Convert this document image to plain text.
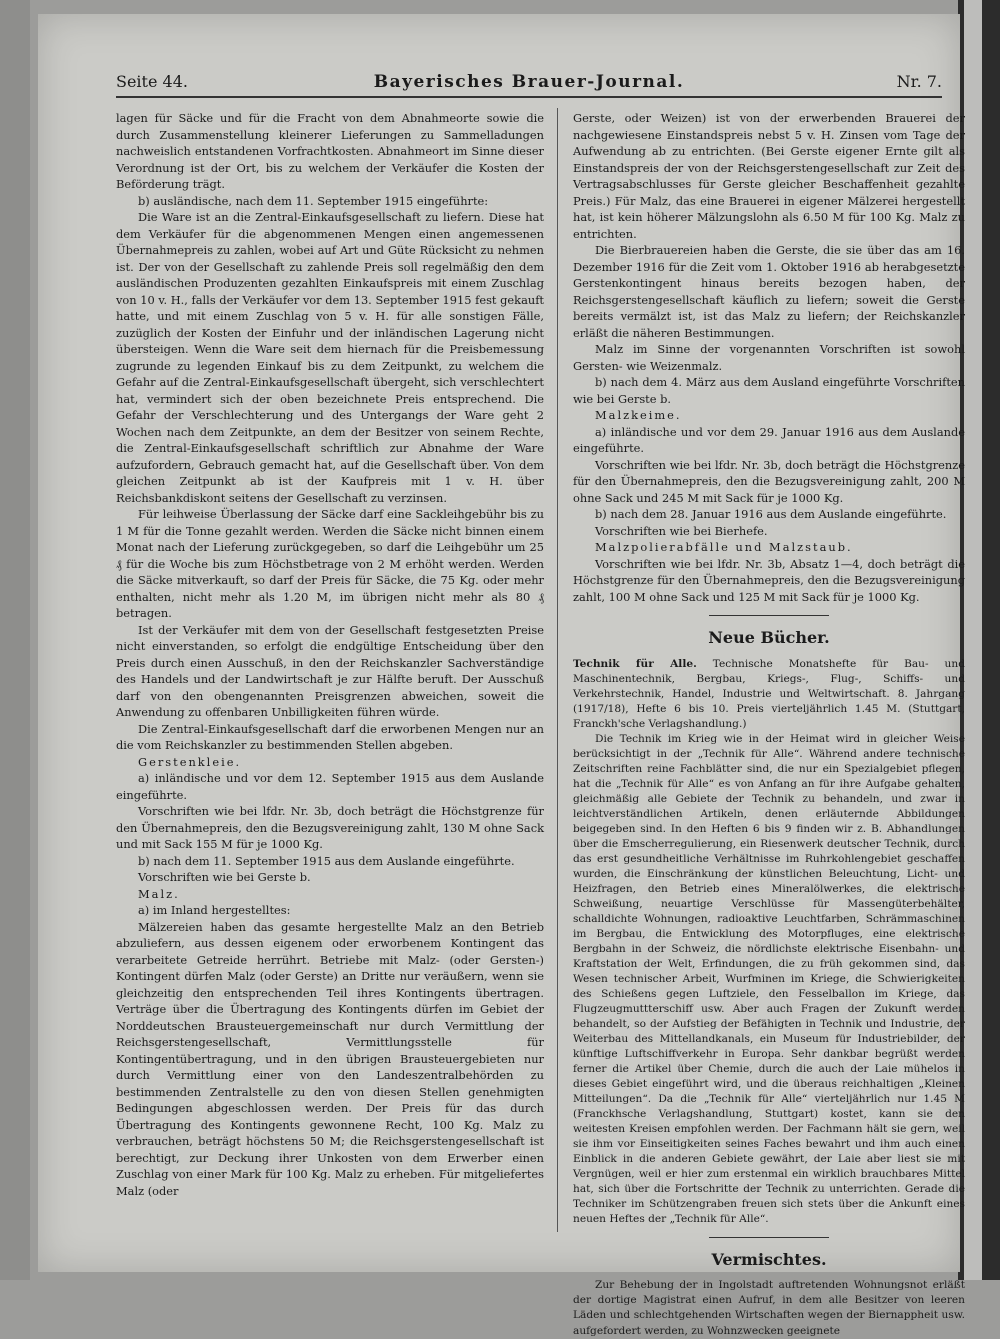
Seite 44.	Bayerisches Brauer-Journal.	Nr. 7.

lagen für Säcke und für die Fracht von dem Abnahmeorte sowie die durch Zusammenstellung kleinerer Lieferungen zu Sammelladungen nachweislich entstandenen Vorfrachtkosten. Abnahmeort im Sinne dieser Verordnung ist der Ort, bis zu welchem der Verkäufer die Kosten der Beförderung trägt.

b) ausländische, nach dem 11. September 1915 eingeführte:

Die Ware ist an die Zentral-Einkaufsgesellschaft zu liefern. Diese hat dem Verkäufer für die abgenommenen Mengen einen angemessenen Übernahmepreis zu zahlen, wobei auf Art und Güte Rücksicht zu nehmen ist. Der von der Gesellschaft zu zahlende Preis soll regelmäßig den dem ausländischen Produzenten gezahlten Einkaufspreis mit einem Zuschlag von 10 v. H., falls der Verkäufer vor dem 13. September 1915 fest gekauft hatte, und mit einem Zuschlag von 5 v. H. für alle sonstigen Fälle, zuzüglich der Kosten der Einfuhr und der inländischen Lagerung nicht übersteigen. Wenn die Ware seit dem hiernach für die Preisbemessung zugrunde zu legenden Einkauf bis zu dem Zeitpunkt, zu welchem die Gefahr auf die Zentral-Einkaufsgesellschaft übergeht, sich verschlechtert hat, vermindert sich der oben bezeichnete Preis entsprechend. Die Gefahr der Verschlechterung und des Untergangs der Ware geht 2 Wochen nach dem Zeitpunkte, an dem der Besitzer von seinem Rechte, die Zentral-Einkaufsgesellschaft schriftlich zur Abnahme der Ware aufzufordern, Gebrauch gemacht hat, auf die Gesellschaft über. Von dem gleichen Zeitpunkt ab ist der Kaufpreis mit 1 v. H. über Reichsbankdiskont seitens der Gesellschaft zu verzinsen.

Für leihweise Überlassung der Säcke darf eine Sackleihgebühr bis zu 1 M für die Tonne gezahlt werden. Werden die Säcke nicht binnen einem Monat nach der Lieferung zurückgegeben, so darf die Leihgebühr um 25 ₰ für die Woche bis zum Höchstbetrage von 2 M erhöht werden. Werden die Säcke mitverkauft, so darf der Preis für Säcke, die 75 Kg. oder mehr enthalten, nicht mehr als 1.20 M, im übrigen nicht mehr als 80 ₰ betragen.

Ist der Verkäufer mit dem von der Gesellschaft festgesetzten Preise nicht einverstanden, so erfolgt die endgültige Entscheidung über den Preis durch einen Ausschuß, in den der Reichskanzler Sachverständige des Handels und der Landwirtschaft je zur Hälfte beruft. Der Ausschuß darf von den obengenannten Preisgrenzen abweichen, soweit die Anwendung zu offenbaren Unbilligkeiten führen würde.

Die Zentral-Einkaufsgesellschaft darf die erworbenen Mengen nur an die vom Reichskanzler zu bestimmenden Stellen abgeben.

Gerstenkleie.

a) inländische und vor dem 12. September 1915 aus dem Auslande eingeführte.

Vorschriften wie bei lfdr. Nr. 3b, doch beträgt die Höchstgrenze für den Übernahmepreis, den die Bezugsvereinigung zahlt, 130 M ohne Sack und mit Sack 155 M für je 1000 Kg.

b) nach dem 11. September 1915 aus dem Auslande eingeführte.

Vorschriften wie bei Gerste b.

Malz.

a) im Inland hergestelltes:

Mälzereien haben das gesamte hergestellte Malz an den Betrieb abzuliefern, aus dessen eigenem oder erworbenem Kontingent das verarbeitete Getreide herrührt. Betriebe mit Malz- (oder Gersten-) Kontingent dürfen Malz (oder Gerste) an Dritte nur veräußern, wenn sie gleichzeitig den entsprechenden Teil ihres Kontingents übertragen. Verträge über die Übertragung des Kontingents dürfen im Gebiet der Norddeutschen Brausteuergemeinschaft nur durch Vermittlung der Reichsgerstengesellschaft, Vermittlungsstelle für Kontingentübertragung, und in den übrigen Brausteuergebieten nur durch Vermittlung einer von den Landeszentralbehörden zu bestimmenden Zentralstelle zu den von diesen Stellen genehmigten Bedingungen abgeschlossen werden. Der Preis für das durch Übertragung des Kontingents gewonnene Recht, 100 Kg. Malz zu verbrauchen, beträgt höchstens 50 M; die Reichsgerstengesellschaft ist berechtigt, zur Deckung ihrer Unkosten von dem Erwerber einen Zuschlag von einer Mark für 100 Kg. Malz zu erheben. Für mitgeliefertes Malz (oder

Gerste, oder Weizen) ist von der erwerbenden Brauerei der nachgewiesene Einstandspreis nebst 5 v. H. Zinsen vom Tage der Aufwendung ab zu entrichten. (Bei Gerste eigener Ernte gilt als Einstandspreis der von der Reichsgerstengesellschaft zur Zeit des Vertragsabschlusses für Gerste gleicher Beschaffenheit gezahlte Preis.) Für Malz, das eine Brauerei in eigener Mälzerei hergestellt hat, ist kein höherer Mälzungslohn als 6.50 M für 100 Kg. Malz zu entrichten.

Die Bierbrauereien haben die Gerste, die sie über das am 16. Dezember 1916 für die Zeit vom 1. Oktober 1916 ab herabgesetzte Gerstenkontingent hinaus bereits bezogen haben, der Reichsgerstengesellschaft käuflich zu liefern; soweit die Gerste bereits vermälzt ist, ist das Malz zu liefern; der Reichskanzler erläßt die näheren Bestimmungen.

Malz im Sinne der vorgenannten Vorschriften ist sowohl Gersten- wie Weizenmalz.

b) nach dem 4. März aus dem Ausland eingeführte Vorschriften wie bei Gerste b.

Malzkeime.

a) inländische und vor dem 29. Januar 1916 aus dem Auslande eingeführte.

Vorschriften wie bei lfdr. Nr. 3b, doch beträgt die Höchstgrenze für den Übernahmepreis, den die Bezugsvereinigung zahlt, 200 M ohne Sack und 245 M mit Sack für je 1000 Kg.

b) nach dem 28. Januar 1916 aus dem Auslande eingeführte.

Vorschriften wie bei Bierhefe.

Malzpolierabfälle und Malzstaub.

Vorschriften wie bei lfdr. Nr. 3b, Absatz 1—4, doch beträgt die Höchstgrenze für den Übernahmepreis, den die Bezugsvereinigung zahlt, 100 M ohne Sack und 125 M mit Sack für je 1000 Kg.

Neue Bücher.

Technik für Alle. Technische Monatshefte für Bau- und Maschinentechnik, Bergbau, Kriegs-, Flug-, Schiffs- und Verkehrstechnik, Handel, Industrie und Weltwirtschaft. 8. Jahrgang (1917/18), Hefte 6 bis 10. Preis vierteljährlich 1.45 M. (Stuttgart, Franckh'sche Verlagshandlung.)

Die Technik im Krieg wie in der Heimat wird in gleicher Weise berücksichtigt in der „Technik für Alle“. Während andere technische Zeitschriften reine Fachblätter sind, die nur ein Spezialgebiet pflegen, hat die „Technik für Alle“ es von Anfang an für ihre Aufgabe gehalten, gleichmäßig alle Gebiete der Technik zu behandeln, und zwar in leichtverständlichen Artikeln, denen erläuternde Abbildungen beigegeben sind. In den Heften 6 bis 9 finden wir z. B. Abhandlungen über die Emscherregulierung, ein Riesenwerk deutscher Technik, durch das erst gesundheitliche Verhältnisse im Ruhrkohlengebiet geschaffen wurden, die Einschränkung der künstlichen Beleuchtung, Licht- und Heizfragen, den Betrieb eines Mineralölwerkes, die elektrische Schweißung, neuartige Verschlüsse für Massengüterbehälter, schalldichte Wohnungen, radioaktive Leuchtfarben, Schrämmaschinen im Bergbau, die Entwicklung des Motorpfluges, eine elektrische Bergbahn in der Schweiz, die nördlichste elektrische Eisenbahn- und Kraftstation der Welt, Erfindungen, die zu früh gekommen sind, das Wesen technischer Arbeit, Wurfminen im Kriege, die Schwierigkeiten des Schießens gegen Luftziele, den Fesselballon im Kriege, das Flugzeugmuttterschiff usw. Aber auch Fragen der Zukunft werden behandelt, so der Aufstieg der Befähigten in Technik und Industrie, der Weiterbau des Mittellandkanals, ein Museum für Industriebilder, der künftige Luftschiffverkehr in Europa. Sehr dankbar begrüßt werden ferner die Artikel über Chemie, durch die auch der Laie mühelos in dieses Gebiet eingeführt wird, und die überaus reichhaltigen „Kleinen Mitteilungen“. Da die „Technik für Alle“ vierteljährlich nur 1.45 M (Franckhsche Verlagshandlung, Stuttgart) kostet, kann sie den weitesten Kreisen empfohlen werden. Der Fachmann hält sie gern, weil sie ihm vor Einseitigkeiten seines Faches bewahrt und ihm auch einen Einblick in die anderen Gebiete gewährt, der Laie aber liest sie mit Vergnügen, weil er hier zum erstenmal ein wirklich brauchbares Mittel hat, sich über die Fortschritte der Technik zu unterrichten. Gerade die Techniker im Schützengraben freuen sich stets über die Ankunft eines neuen Heftes der „Technik für Alle“.

Vermischtes.

Zur Behebung der in Ingolstadt auftretenden Wohnungsnot erläßt der dortige Magistrat einen Aufruf, in dem alle Besitzer von leeren Läden und schlechtgehenden Wirtschaften wegen der Biernappheit usw. aufgefordert werden, zu Wohnzwecken geeignete
